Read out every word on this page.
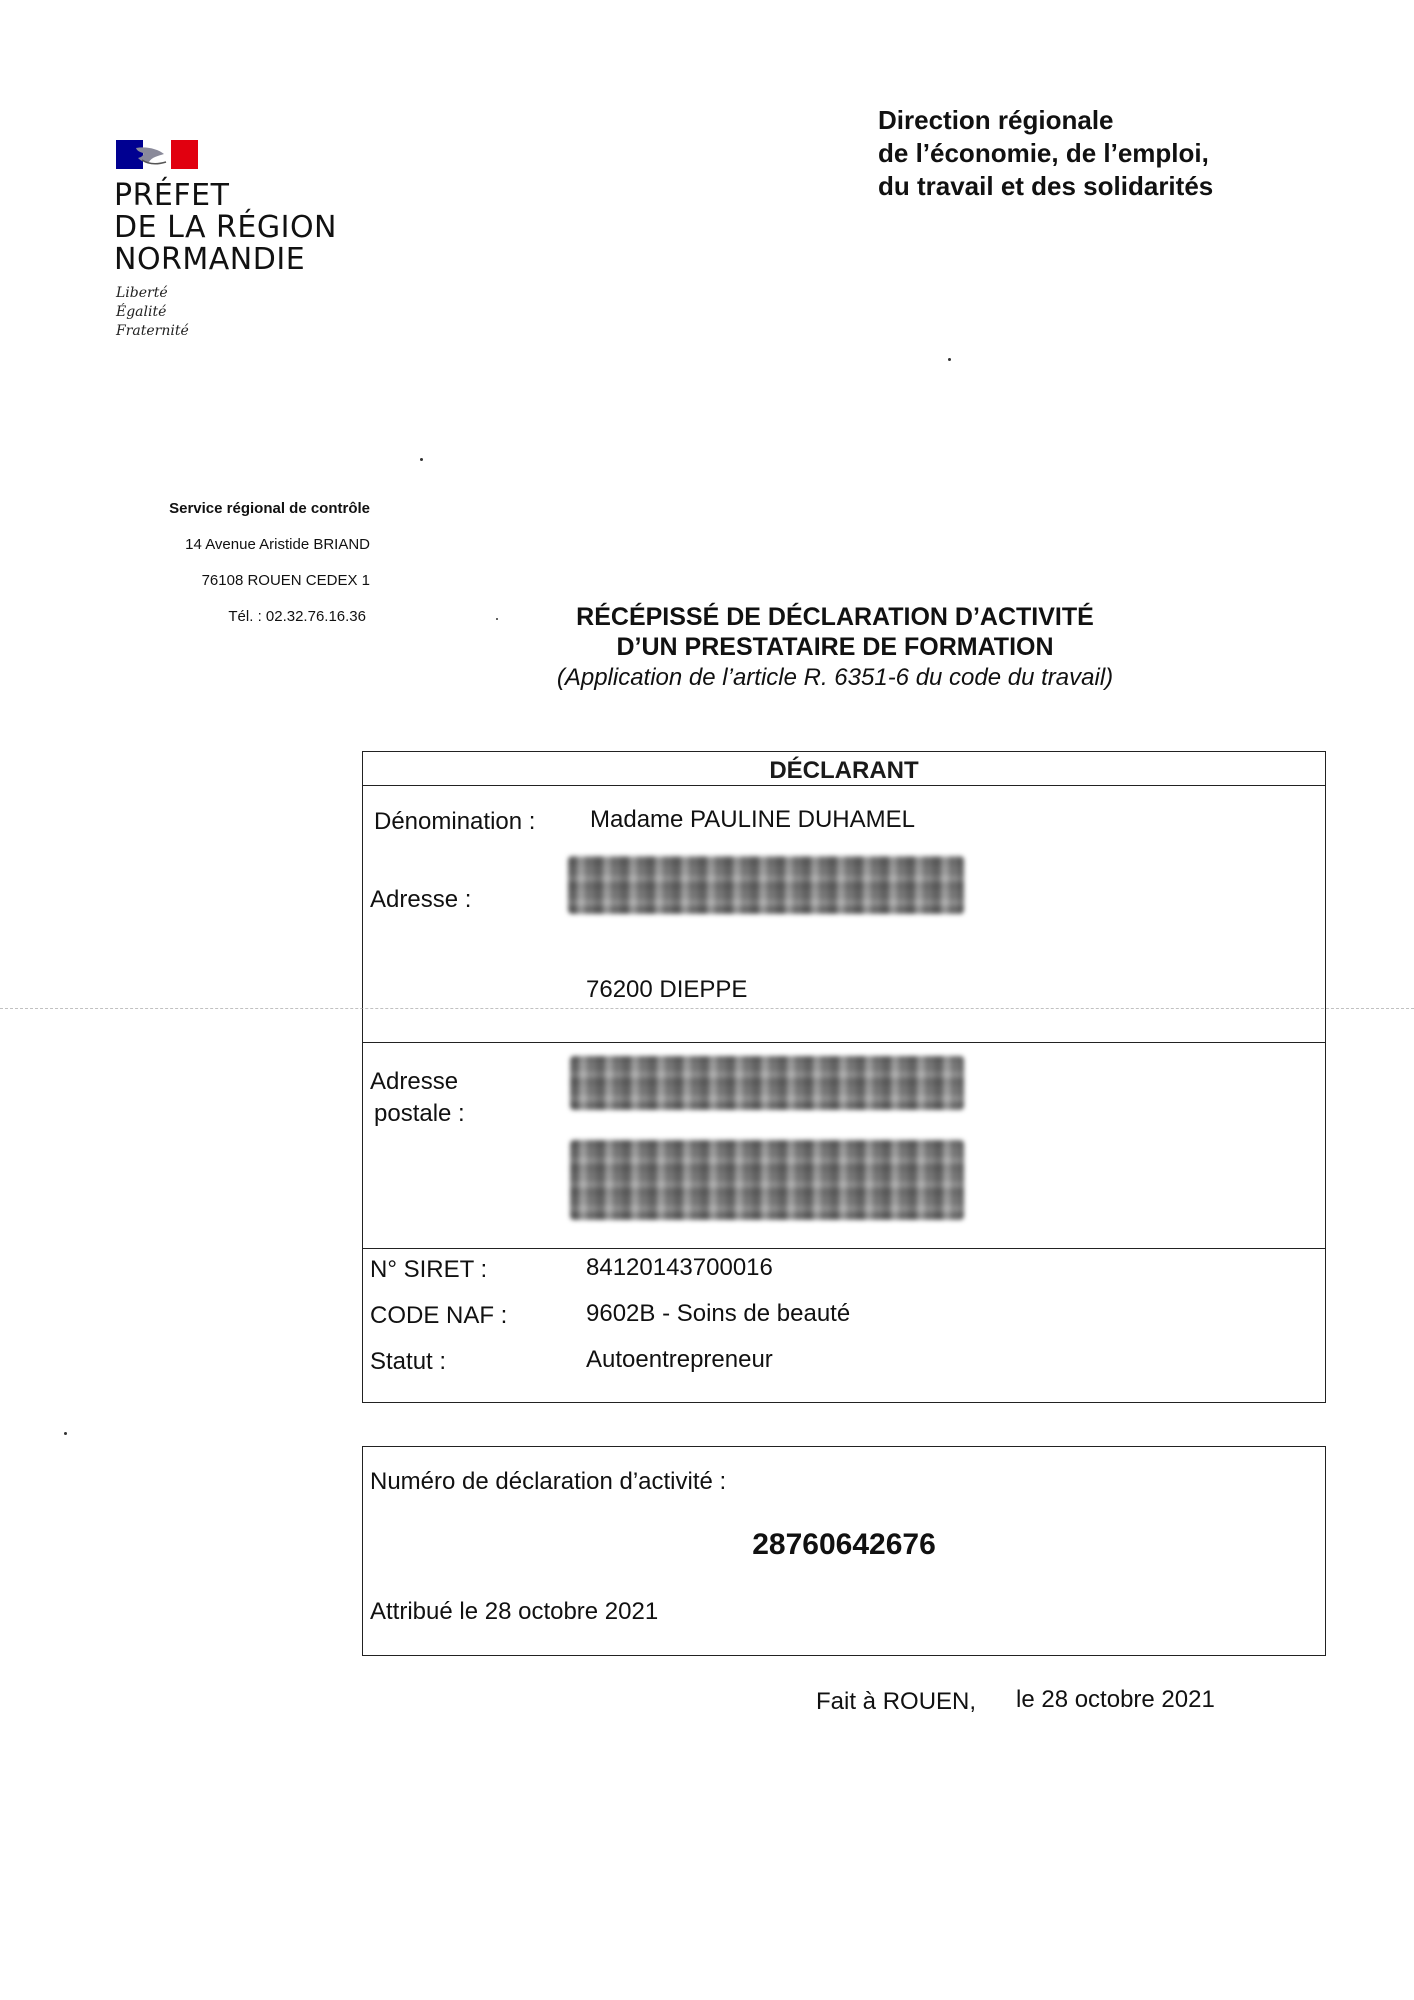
PRÉFET
DE LA RÉGION
NORMANDIE
Liberté
Égalité
Fraternité
Direction régionale
de l’économie, de l’emploi,
du travail et des solidarités
Service régional de contrôle
14 Avenue Aristide BRIAND
76108 ROUEN CEDEX 1
Tél. : 02.32.76.16.36	RÉCÉPISSÉ DE DÉCLARATION D’ACTIVITÉ
D’UN PRESTATAIRE DE FORMATION
(Application de l’article R. 6351-6 du code du travail)
DÉCLARANT
Dénomination : Madame PAULINE DUHAMEL
Adresse :
76200 DIEPPE
Adresse
postale :
N° SIRET :	84120143700016
CODE NAF :	9602B - Soins de beauté
Statut :	Autoentrepreneur
Numéro de déclaration d’activité :
28760642676
Attribué le 28 octobre 2021
Fait à ROUEN, le 28 octobre 2021
